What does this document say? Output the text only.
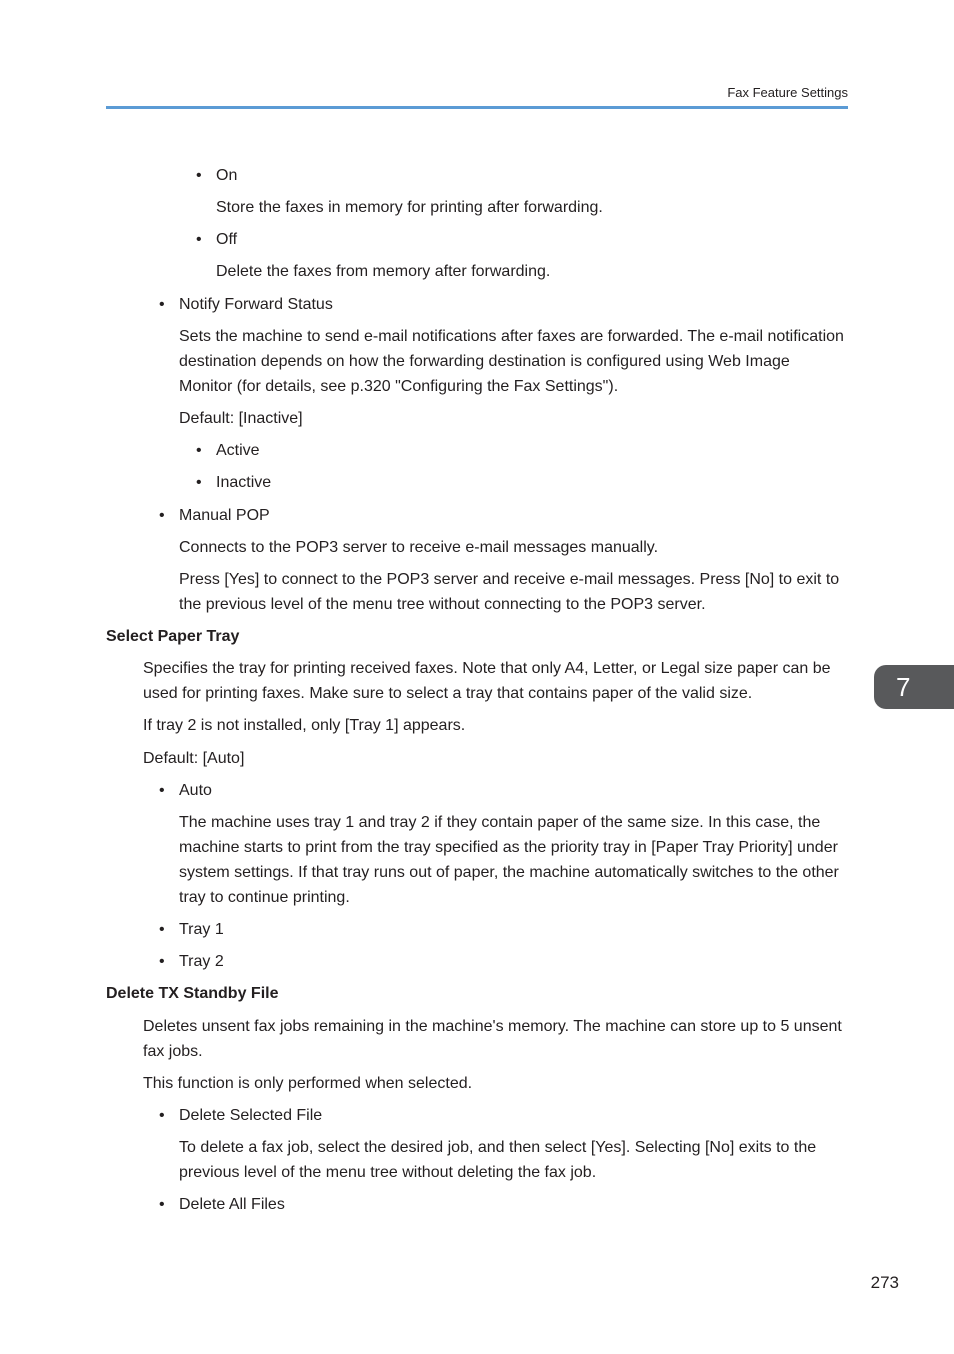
Fax Feature Settings
7
• On
Store the faxes in memory for printing after forwarding.
• Off
Delete the faxes from memory after forwarding.
• Notify Forward Status
Sets the machine to send e-mail notifications after faxes are forwarded. The e-mail notification
destination depends on how the forwarding destination is configured using Web Image
Monitor (for details, see p.320 "Configuring the Fax Settings").
Default: [Inactive]
• Active
• Inactive
• Manual POP
Connects to the POP3 server to receive e-mail messages manually.
Press [Yes] to connect to the POP3 server and receive e-mail messages. Press [No] to exit to
the previous level of the menu tree without connecting to the POP3 server.
Select Paper Tray
Specifies the tray for printing received faxes. Note that only A4, Letter, or Legal size paper can be
used for printing faxes. Make sure to select a tray that contains paper of the valid size.
If tray 2 is not installed, only [Tray 1] appears.
Default: [Auto]
• Auto
The machine uses tray 1 and tray 2 if they contain paper of the same size. In this case, the
machine starts to print from the tray specified as the priority tray in [Paper Tray Priority] under
system settings. If that tray runs out of paper, the machine automatically switches to the other
tray to continue printing.
• Tray 1
• Tray 2
Delete TX Standby File
Deletes unsent fax jobs remaining in the machine's memory. The machine can store up to 5 unsent
fax jobs.
This function is only performed when selected.
• Delete Selected File
To delete a fax job, select the desired job, and then select [Yes]. Selecting [No] exits to the
previous level of the menu tree without deleting the fax job.
• Delete All Files
273
